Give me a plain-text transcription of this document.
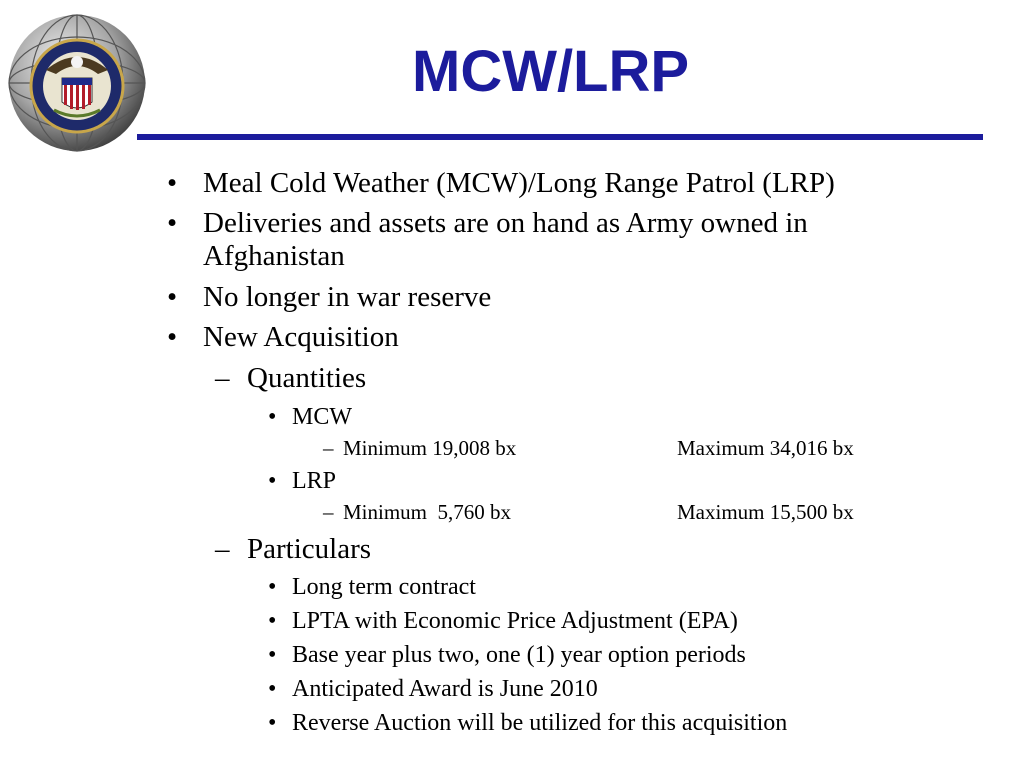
MCW/LRP
• Meal Cold Weather (MCW)/Long Range Patrol (LRP)
• Deliveries and assets are on hand as Army owned in
Afghanistan
• No longer in war reserve
• New Acquisition
– Quantities
• MCW
– Minimum 19,008 bx	Maximum 34,016 bx
• LRP
– Minimum  5,760 bx	Maximum 15,500 bx
– Particulars
• Long term contract
• LPTA with Economic Price Adjustment (EPA)
• Base year plus two, one (1) year option periods
• Anticipated Award is June 2010
• Reverse Auction will be utilized for this acquisition
